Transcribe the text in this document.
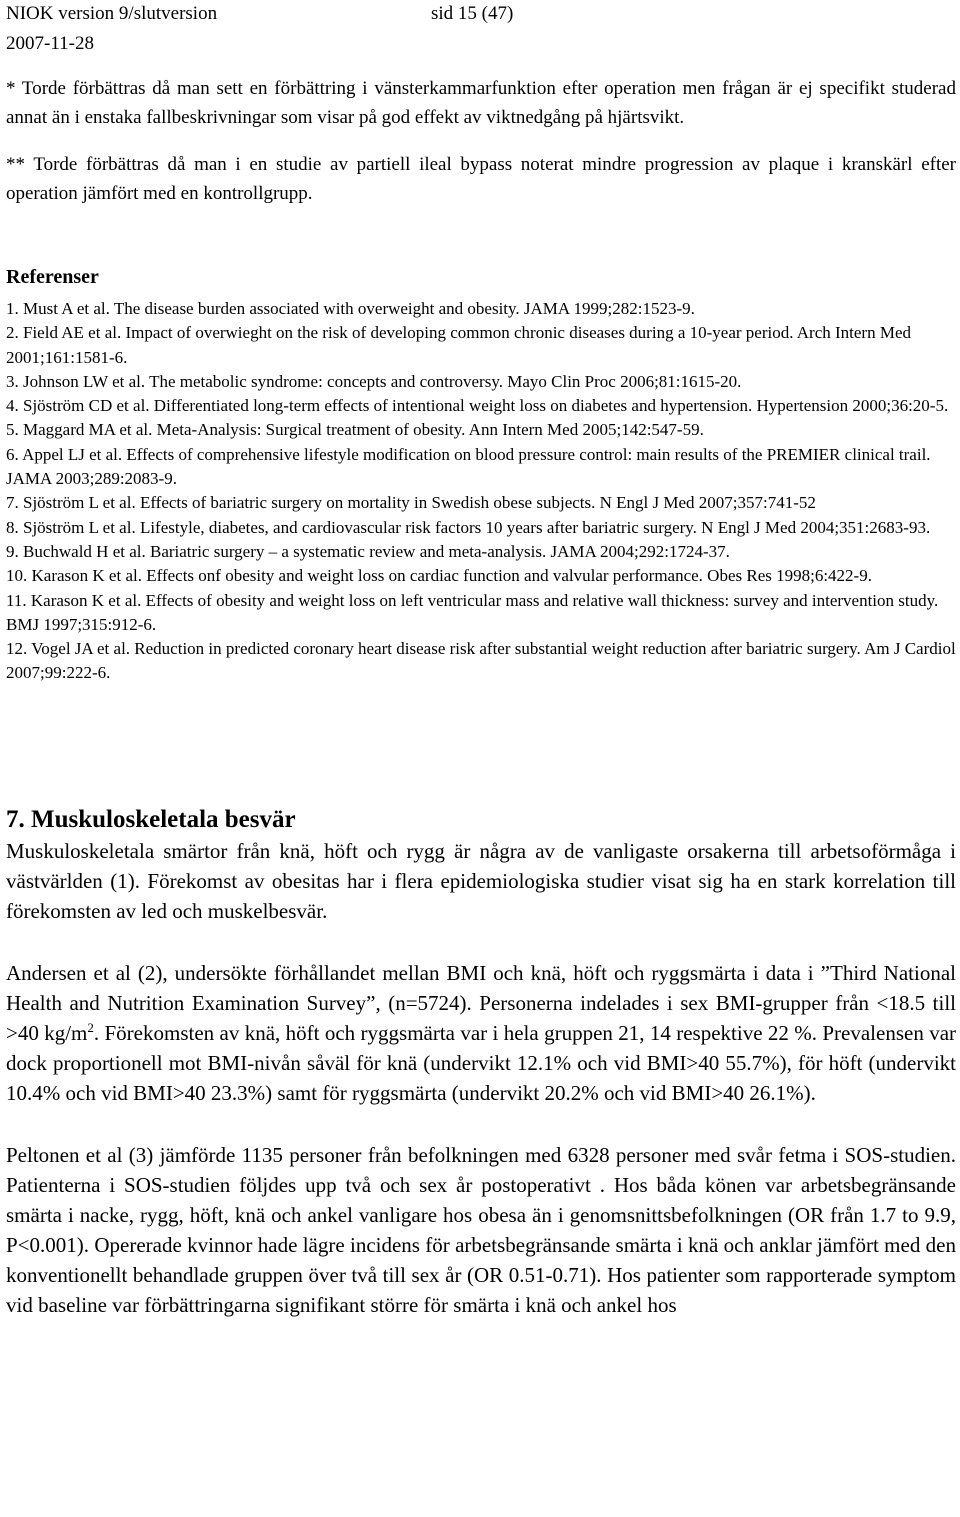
NIOK version 9/slutversion	sid 15 (47)
2007-11-28

* Torde förbättras då man sett en förbättring i vänsterkammarfunktion efter operation men frågan är ej specifikt studerad annat än i enstaka fallbeskrivningar som visar på god effekt av viktnedgång på hjärtsvikt.

** Torde förbättras då man i en studie av partiell ileal bypass noterat mindre progression av plaque i kranskärl efter operation jämfört med en kontrollgrupp.

Referenser
1. Must A et al. The disease burden associated with overweight and obesity. JAMA 1999;282:1523-9.
2. Field AE et al. Impact of overwieght on the risk of developing common chronic diseases during a 10-year period. Arch Intern Med 2001;161:1581-6.
3. Johnson LW et al. The metabolic syndrome: concepts and controversy. Mayo Clin Proc 2006;81:1615-20.
4. Sjöström CD et al. Differentiated long-term effects of intentional weight loss on diabetes and hypertension. Hypertension 2000;36:20-5.
5. Maggard MA et al. Meta-Analysis: Surgical treatment of obesity. Ann Intern Med 2005;142:547-59.
6. Appel LJ et al. Effects of comprehensive lifestyle modification on blood pressure control: main results of the PREMIER clinical trail. JAMA 2003;289:2083-9.
7. Sjöström L et al. Effects of bariatric surgery on mortality in Swedish obese subjects. N Engl J Med 2007;357:741-52
8. Sjöström L et al. Lifestyle, diabetes, and cardiovascular risk factors 10 years after bariatric surgery. N Engl J Med 2004;351:2683-93.
9. Buchwald H et al. Bariatric surgery – a systematic review and meta-analysis. JAMA 2004;292:1724-37.
10. Karason K et al. Effects onf obesity and weight loss on cardiac function and valvular performance. Obes Res 1998;6:422-9.
11. Karason K et al. Effects of obesity and weight loss on left ventricular mass and relative wall thickness: survey and intervention study. BMJ 1997;315:912-6.
12. Vogel JA et al. Reduction in predicted coronary heart disease risk after substantial weight reduction after bariatric surgery. Am J Cardiol 2007;99:222-6.
7. Muskuloskeletala besvär

Muskuloskeletala smärtor från knä, höft och rygg är några av de vanligaste orsakerna till arbetsoförmåga i västvärlden (1). Förekomst av obesitas har i flera epidemiologiska studier visat sig ha en stark korrelation till förekomsten av led och muskelbesvär.

Andersen et al (2), undersökte förhållandet mellan BMI och knä, höft och ryggsmärta i data i ”Third National Health and Nutrition Examination Survey”, (n=5724). Personerna indelades i sex BMI-grupper från <18.5 till >40 $kg/m^2$. Förekomsten av knä, höft och ryggsmärta var i hela gruppen 21, 14 respektive 22 %. Prevalensen var dock proportionell mot BMI-nivån såväl för knä (undervikt 12.1% och vid BMI>40 55.7%), för höft (undervikt 10.4% och vid BMI>40 23.3%) samt för ryggsmärta (undervikt 20.2% och vid BMI>40 26.1%).

Peltonen et al (3) jämförde 1135 personer från befolkningen med 6328 personer med svår fetma i SOS-studien. Patienterna i SOS-studien följdes upp två och sex år postoperativt . Hos båda könen var arbetsbegränsande smärta i nacke, rygg, höft, knä och ankel vanligare hos obesa än i genomsnittsbefolkningen (OR från 1.7 to 9.9, P<0.001). Opererade kvinnor hade lägre incidens för arbetsbegränsande smärta i knä och anklar jämfört med den konventionellt behandlade gruppen över två till sex år (OR 0.51-0.71). Hos patienter som rapporterade symptom vid baseline var förbättringarna signifikant större för smärta i knä och ankel hos
